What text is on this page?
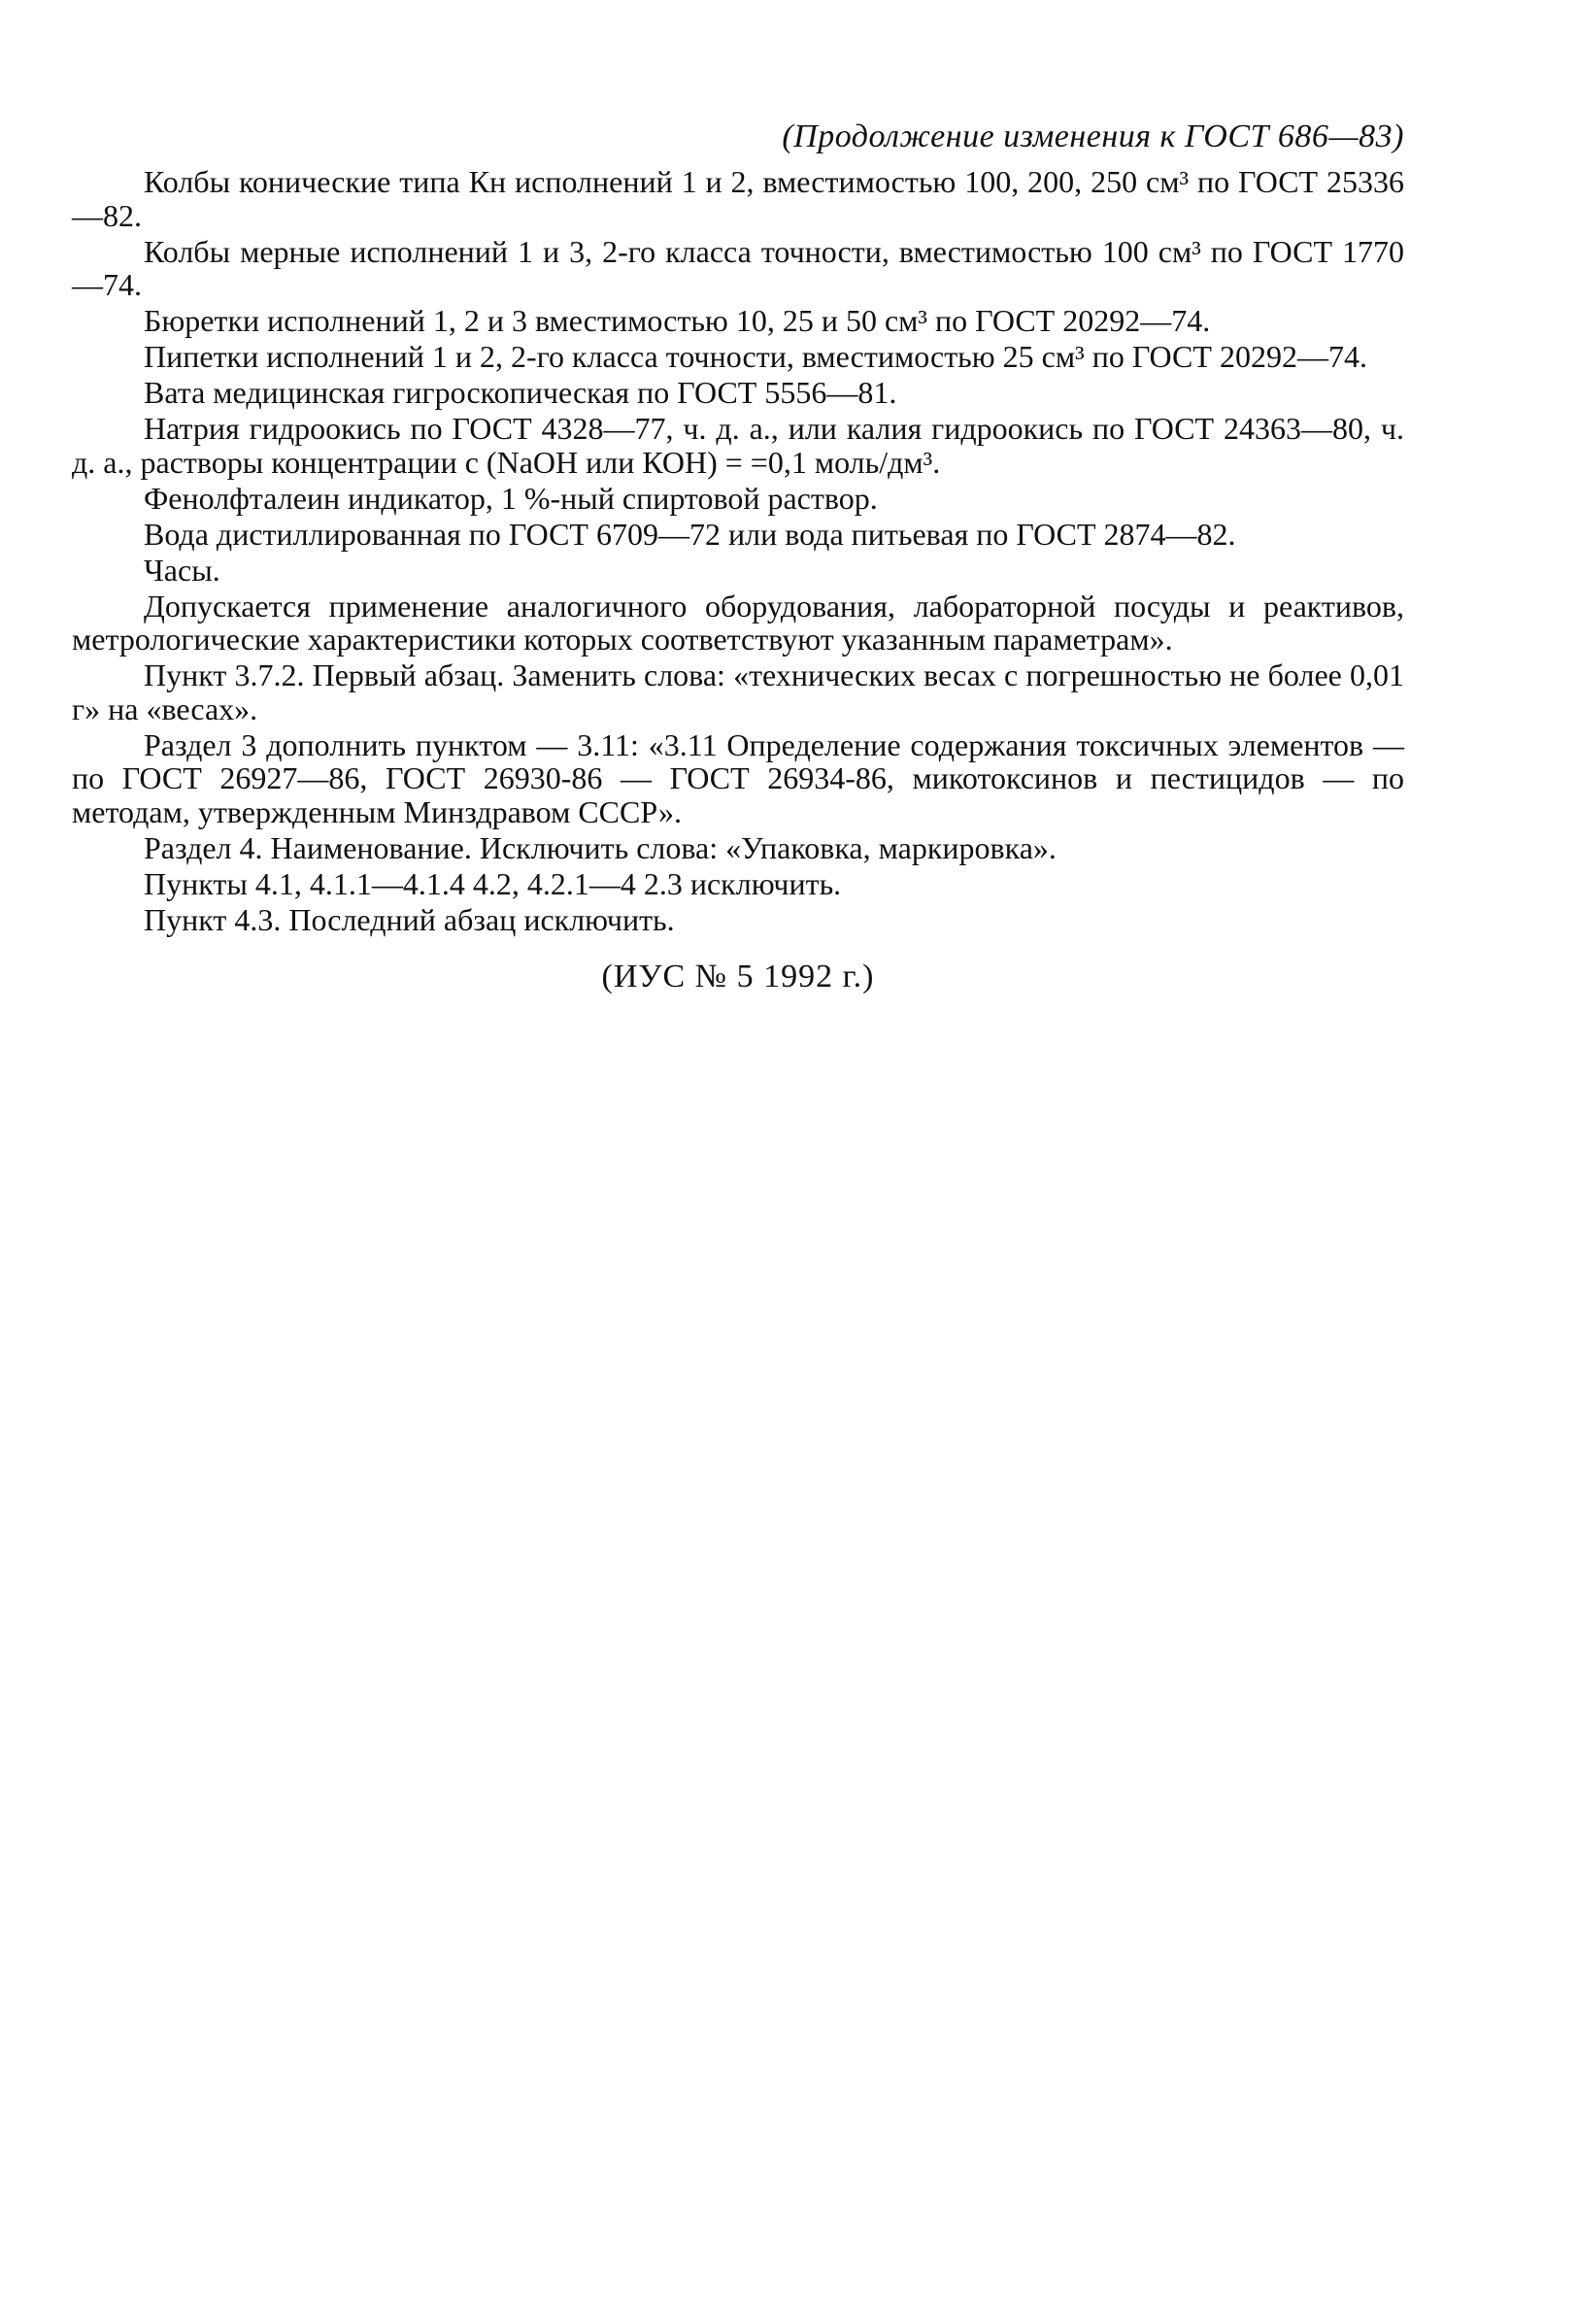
(Продолжение изменения к ГОСТ 686—83)

Колбы конические типа Кн исполнений 1 и 2, вместимостью 100, 200, 250 см³ по ГОСТ 25336—82.

Колбы мерные исполнений 1 и 3, 2-го класса точности, вместимостью 100 см³ по ГОСТ 1770—74.

Бюретки исполнений 1, 2 и 3 вместимостью 10, 25 и 50 см³ по ГОСТ 20292—74.

Пипетки исполнений 1 и 2, 2-го класса точности, вместимостью 25 см³ по ГОСТ 20292—74.

Вата медицинская гигроскопическая по ГОСТ 5556—81.

Натрия гидроокись по ГОСТ 4328—77, ч. д. а., или калия гидроокись по ГОСТ 24363—80, ч. д. а., растворы концентрации с (NaOH или КОН) = =0,1 моль/дм³.

Фенолфталеин индикатор, 1 %-ный спиртовой раствор.

Вода дистиллированная по ГОСТ 6709—72 или вода питьевая по ГОСТ 2874—82.

Часы.

Допускается применение аналогичного оборудования, лабораторной посуды и реактивов, метрологические характеристики которых соответствуют указанным параметрам».

Пункт 3.7.2. Первый абзац. Заменить слова: «технических весах с погрешностью не более 0,01 г» на «весах».

Раздел 3 дополнить пунктом — 3.11: «3.11 Определение содержания токсичных элементов — по ГОСТ 26927—86, ГОСТ 26930-86 — ГОСТ 26934-86, микотоксинов и пестицидов — по методам, утвержденным Минздравом СССР».

Раздел 4. Наименование. Исключить слова: «Упаковка, маркировка».

Пункты 4.1, 4.1.1—4.1.4 4.2, 4.2.1—4 2.3 исключить.

Пункт 4.3. Последний абзац исключить.

(ИУС № 5 1992 г.)
